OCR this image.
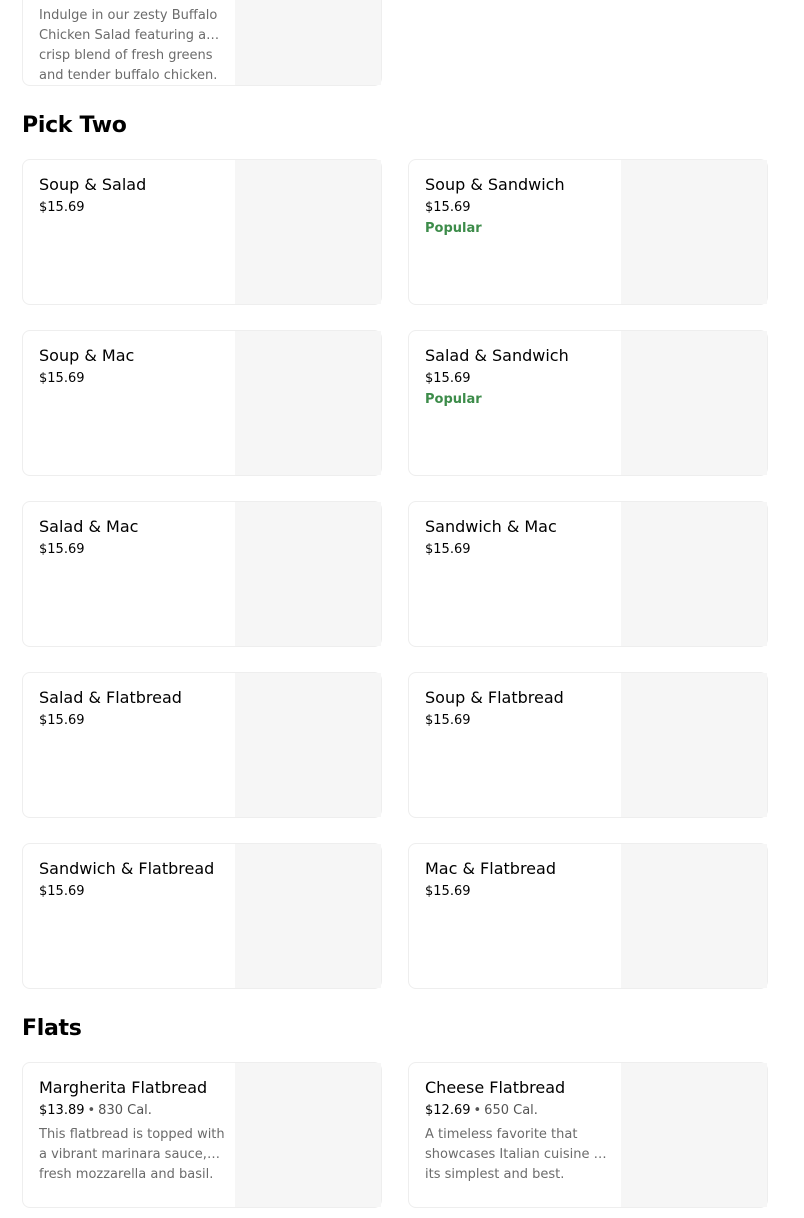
Indulge in our zesty Buffalo Chicken Salad featuring a crisp blend of fresh greens and tender buffalo chicken.
Pick Two
Soup & Salad
$15.69
Soup & Sandwich
$15.69
Popular
Soup & Mac
$15.69
Salad & Sandwich
$15.69
Popular
Salad & Mac
$15.69
Sandwich & Mac
$15.69
Salad & Flatbread
$15.69
Soup & Flatbread
$15.69
Sandwich & Flatbread
$15.69
Mac & Flatbread
$15.69
Flats
Margherita Flatbread
$13.89 • 830 Cal.
This flatbread is topped with a vibrant marinara sauce, fresh mozzarella and basil.
Cheese Flatbread
$12.69 • 650 Cal.
A timeless favorite that showcases Italian cuisine at its simplest and best.
